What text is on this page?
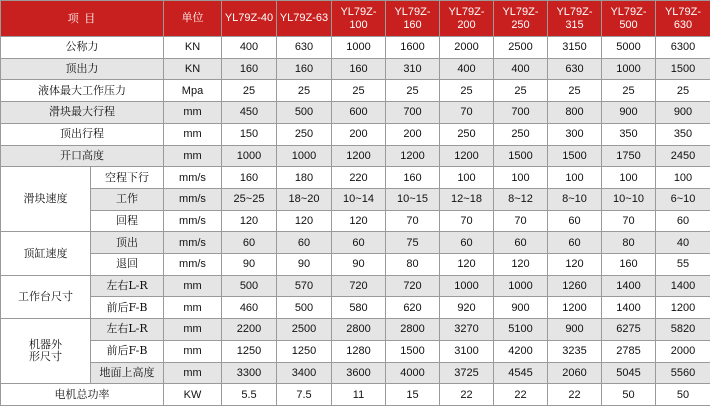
项 目		单位	YL79Z-40	YL79Z-63	YL79Z-100	YL79Z-160	YL79Z-200	YL79Z-250	YL79Z-315	YL79Z-500	YL79Z-630
公称力		KN	400	630	1000	1600	2000	2500	3150	5000	6300
顶出力		KN	160	160	160	310	400	400	630	1000	1500
液体最大工作压力		Mpa	25	25	25	25	25	25	25	25	25
滑块最大行程		mm	450	500	600	700	70	700	800	900	900
顶出行程		mm	150	250	200	200	250	250	300	350	350
开口高度		mm	1000	1000	1200	1200	1200	1500	1500	1750	2450
滑块速度	空程下行	mm/s	160	180	220	160	100	100	100	100	100
	工作	mm/s	25~25	18~20	10~14	10~15	12~18	8~12	8~10	10~10	6~10
	回程	mm/s	120	120	120	70	70	70	60	70	60
顶缸速度	顶出	mm/s	60	60	60	75	60	60	60	80	40
	退回	mm/s	90	90	90	80	120	120	120	160	55
工作台尺寸	左右L-R	mm	500	570	720	720	1000	1000	1260	1400	1400
	前后F-B	mm	460	500	580	620	920	900	1200	1400	1200
机器外形尺寸	左右L-R	mm	2200	2500	2800	2800	3270	5100	900	6275	5820
	前后F-B	mm	1250	1250	1280	1500	3100	4200	3235	2785	2000
	地面上高度	mm	3300	3400	3600	4000	3725	4545	2060	5045	5560
电机总功率		KW	5.5	7.5	11	15	22	22	22	50	50
